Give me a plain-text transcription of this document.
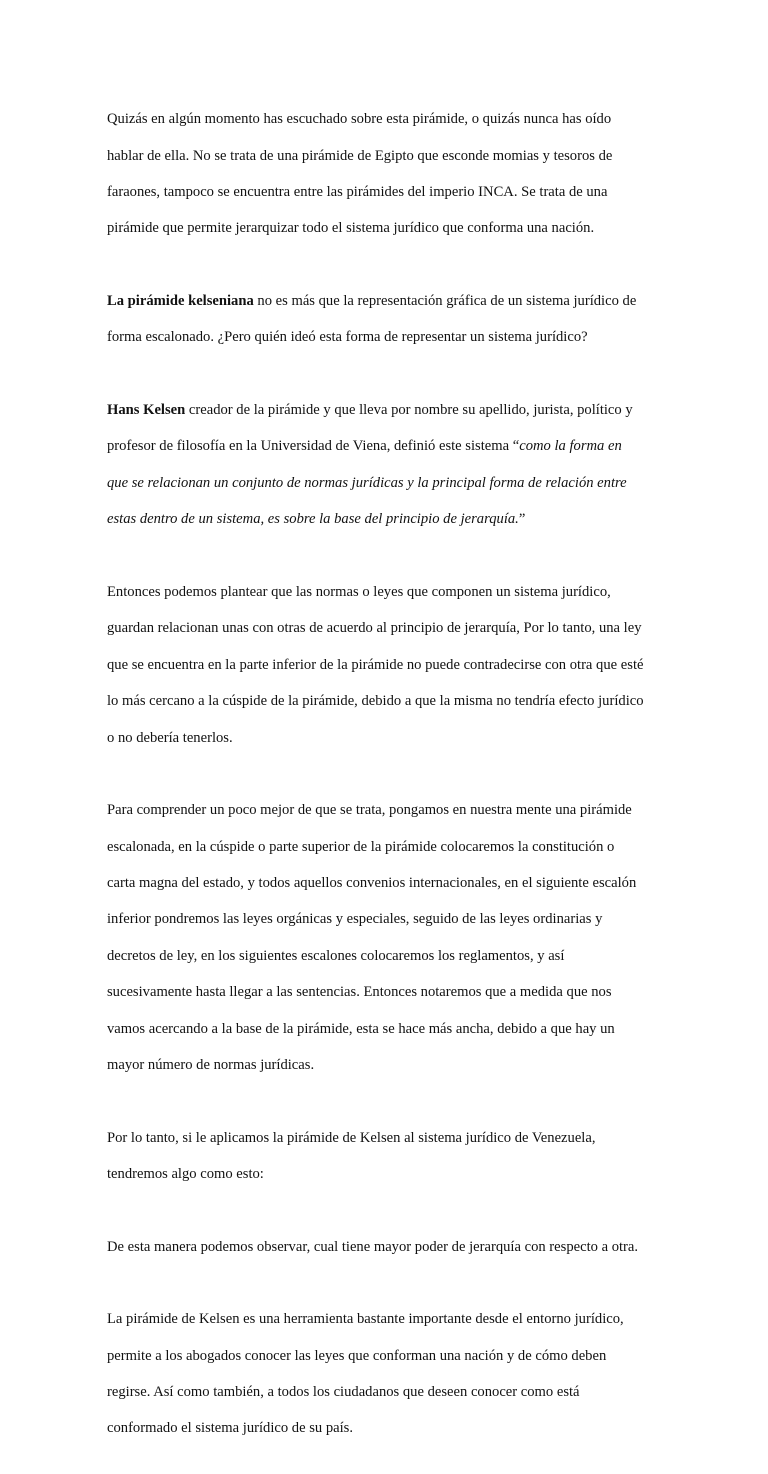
Quizás en algún momento has escuchado sobre esta pirámide, o quizás nunca has oído

hablar de ella. No se trata de una pirámide de Egipto que esconde momias y tesoros de

faraones, tampoco se encuentra entre las pirámides del imperio INCA. Se trata de una

pirámide que permite jerarquizar todo el sistema jurídico que conforma una nación.

La pirámide kelseniana no es más que la representación gráfica de un sistema jurídico de

forma escalonado. ¿Pero quién ideó esta forma de representar un sistema jurídico?

Hans Kelsen creador de la pirámide y que lleva por nombre su apellido, jurista, político y

profesor de filosofía en la Universidad de Viena, definió este sistema “como la forma en

que se relacionan un conjunto de normas jurídicas y la principal forma de relación entre

estas dentro de un sistema, es sobre la base del principio de jerarquía.”

Entonces podemos plantear que las normas o leyes que componen un sistema jurídico,

guardan relacionan unas con otras de acuerdo al principio de jerarquía, Por lo tanto, una ley

que se encuentra en la parte inferior de la pirámide no puede contradecirse con otra que esté

lo más cercano a la cúspide de la pirámide, debido a que la misma no tendría efecto jurídico

o no debería tenerlos.

Para comprender un poco mejor de que se trata, pongamos en nuestra mente una pirámide

escalonada, en la cúspide o parte superior de la pirámide colocaremos la constitución o

carta magna del estado, y todos aquellos convenios internacionales, en el siguiente escalón

inferior pondremos las leyes orgánicas y especiales, seguido de las leyes ordinarias y

decretos de ley, en los siguientes escalones colocaremos los reglamentos, y así

sucesivamente hasta llegar a las sentencias. Entonces notaremos que a medida que nos

vamos acercando a la base de la pirámide, esta se hace más ancha, debido a que hay un

mayor número de normas jurídicas.

Por lo tanto, si le aplicamos la pirámide de Kelsen al sistema jurídico de Venezuela,

tendremos algo como esto:

De esta manera podemos observar, cual tiene mayor poder de jerarquía con respecto a otra.

La pirámide de Kelsen es una herramienta bastante importante desde el entorno jurídico,

permite a los abogados conocer las leyes que conforman una nación y de cómo deben

regirse. Así como también, a todos los ciudadanos que deseen conocer como está

conformado el sistema jurídico de su país.
